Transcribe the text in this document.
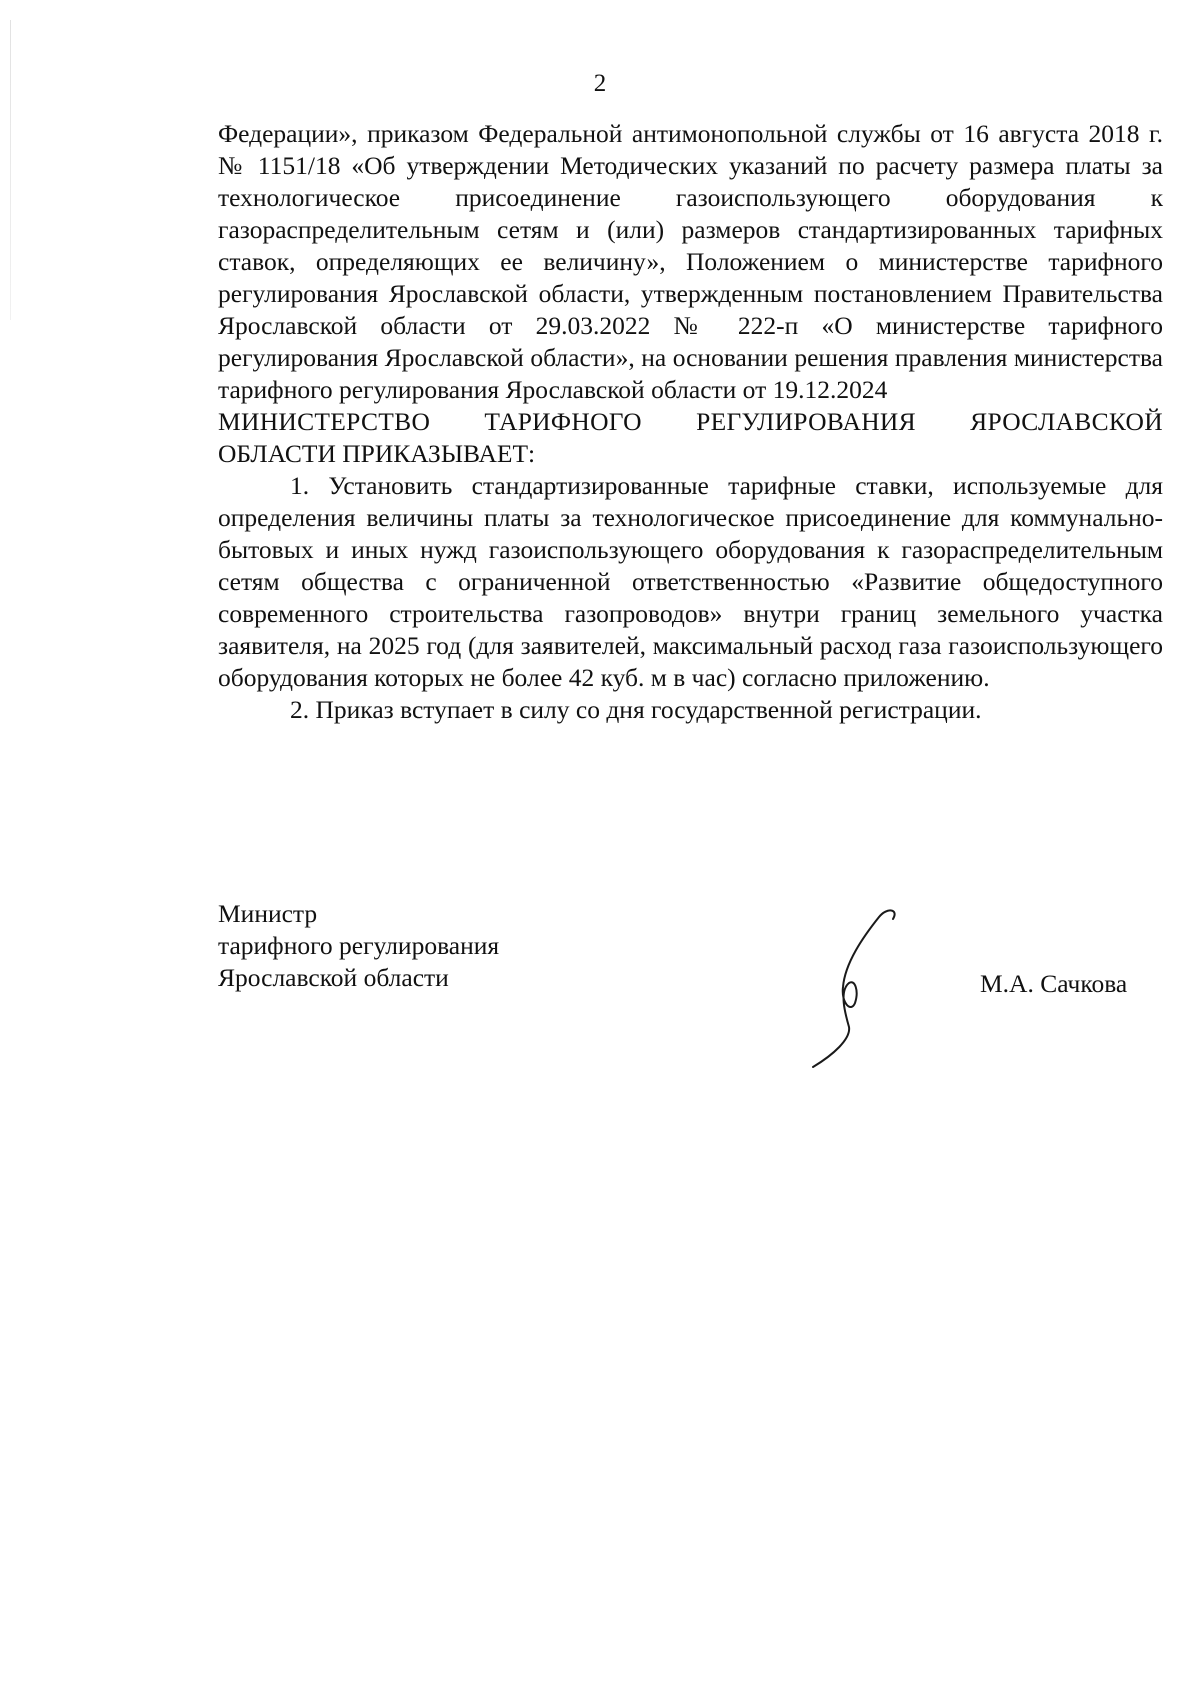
2

Федерации», приказом Федеральной антимонопольной службы от 16 августа 2018 г. № 1151/18 «Об утверждении Методических указаний по расчету размера платы за технологическое присоединение газоиспользующего оборудования к газораспределительным сетям и (или) размеров стандартизированных тарифных ставок, определяющих ее величину», Положением о министерстве тарифного регулирования Ярославской области, утвержденным постановлением Правительства Ярославской области от 29.03.2022 № 222-п «О министерстве тарифного регулирования Ярославской области», на основании решения правления министерства тарифного регулирования Ярославской области от 19.12.2024

МИНИСТЕРСТВО ТАРИФНОГО РЕГУЛИРОВАНИЯ ЯРОСЛАВСКОЙ

ОБЛАСТИ ПРИКАЗЫВАЕТ:

1. Установить стандартизированные тарифные ставки, используемые для определения величины платы за технологическое присоединение для коммунально-бытовых и иных нужд газоиспользующего оборудования к газораспределительным сетям общества с ограниченной ответственностью «Развитие общедоступного современного строительства газопроводов» внутри границ земельного участка заявителя, на 2025 год (для заявителей, максимальный расход газа газоиспользующего оборудования которых не более 42 куб. м в час) согласно приложению.

2. Приказ вступает в силу со дня государственной регистрации.

Министр
тарифного регулирования
Ярославской области	М.А. Сачкова
